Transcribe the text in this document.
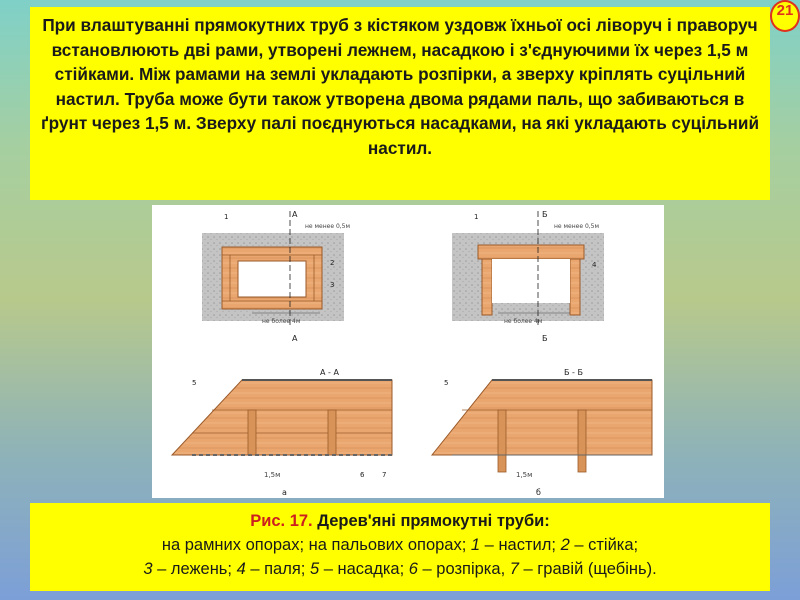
При влаштуванні прямокутних труб з кістяком уздовж їхньої осі ліворуч і праворуч встановлюють дві рами, утворені лежнем, насадкою і з'єднуючими їх через 1,5 м стійками. Між рамами на землі укладають розпірки, а зверху кріплять суцільний настил. Труба може бути також утворена двома рядами паль, що забиваються в ґрунт через 1,5 м. Зверху палі поєднуються насадками, на які укладають суцільний настил.
21
А
А
не менее 0,5м
не более 4м
1
2
3
Б
Б
не менее 0,5м
не более 4м
1
4
А - А
5
6	7
1,5м
а
Б - Б
5
1,5м
б
Рис. 17. Дерев'яні прямокутні труби:
на рамних опорах; на пальових опорах; 1 – настил; 2 – стійка;
3 – лежень; 4 – паля; 5 – насадка; 6 – розпірка, 7 – гравій (щебінь).
